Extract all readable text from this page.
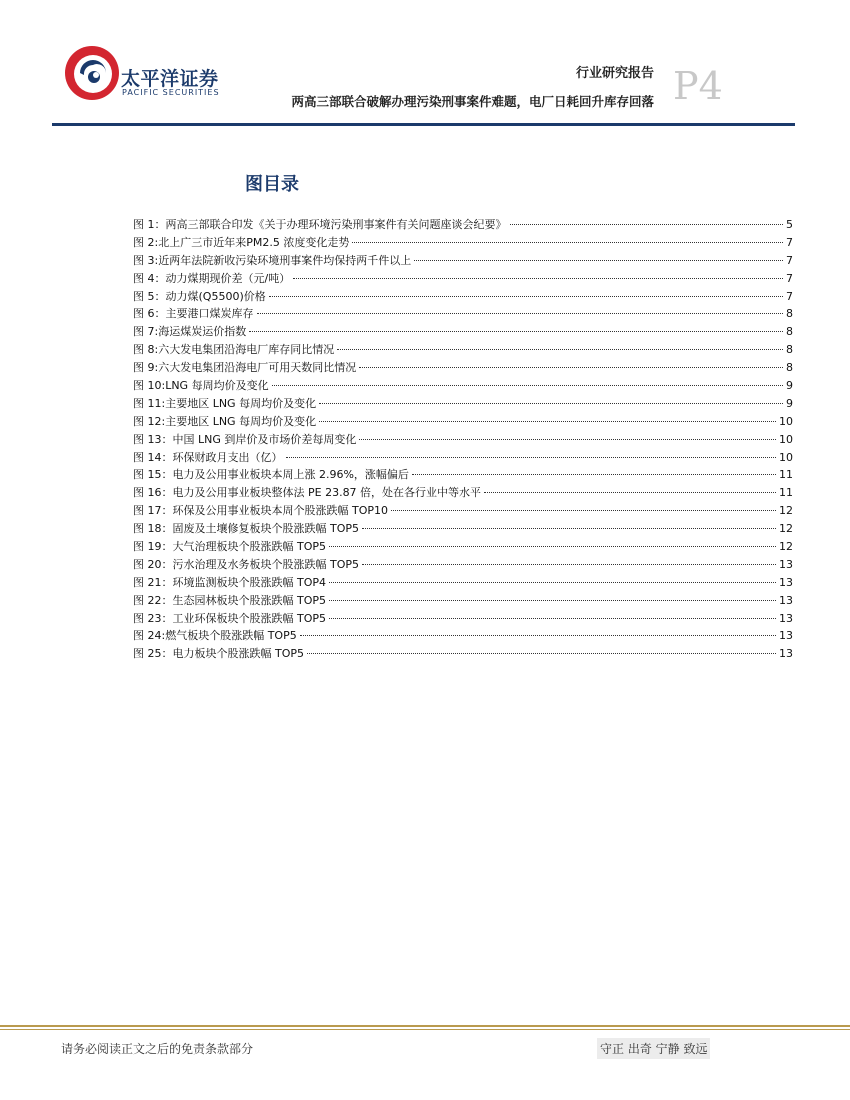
太平洋证券
PACIFIC SECURITIES
行业研究报告
两高三部联合破解办理污染刑事案件难题，电厂日耗回升库存回落 P4
图目录
图 1：两高三部联合印发《关于办理环境污染刑事案件有关问题座谈会纪要》	5
图 2:北上广三市近年来PM2.5 浓度变化走势	7
图 3:近两年法院新收污染环境刑事案件均保持两千件以上	7
图 4：动力煤期现价差（元/吨）	7
图 5：动力煤(Q5500)价格	7
图 6：主要港口煤炭库存	8
图 7:海运煤炭运价指数	8
图 8:六大发电集团沿海电厂库存同比情况	8
图 9:六大发电集团沿海电厂可用天数同比情况	8
图 10:LNG 每周均价及变化	9
图 11:主要地区 LNG 每周均价及变化	9
图 12:主要地区 LNG 每周均价及变化	10
图 13：中国 LNG 到岸价及市场价差每周变化	10
图 14：环保财政月支出（亿）	10
图 15：电力及公用事业板块本周上涨 2.96%，涨幅偏后	11
图 16：电力及公用事业板块整体法 PE 23.87 倍，处在各行业中等水平	11
图 17：环保及公用事业板块本周个股涨跌幅 TOP10	12
图 18：固废及土壤修复板块个股涨跌幅 TOP5	12
图 19：大气治理板块个股涨跌幅 TOP5	12
图 20：污水治理及水务板块个股涨跌幅 TOP5	13
图 21：环境监测板块个股涨跌幅 TOP4	13
图 22：生态园林板块个股涨跌幅 TOP5	13
图 23：工业环保板块个股涨跌幅 TOP5	13
图 24:燃气板块个股涨跌幅 TOP5	13
图 25：电力板块个股涨跌幅 TOP5	13
请务必阅读正文之后的免责条款部分	守正 出奇 宁静 致远
